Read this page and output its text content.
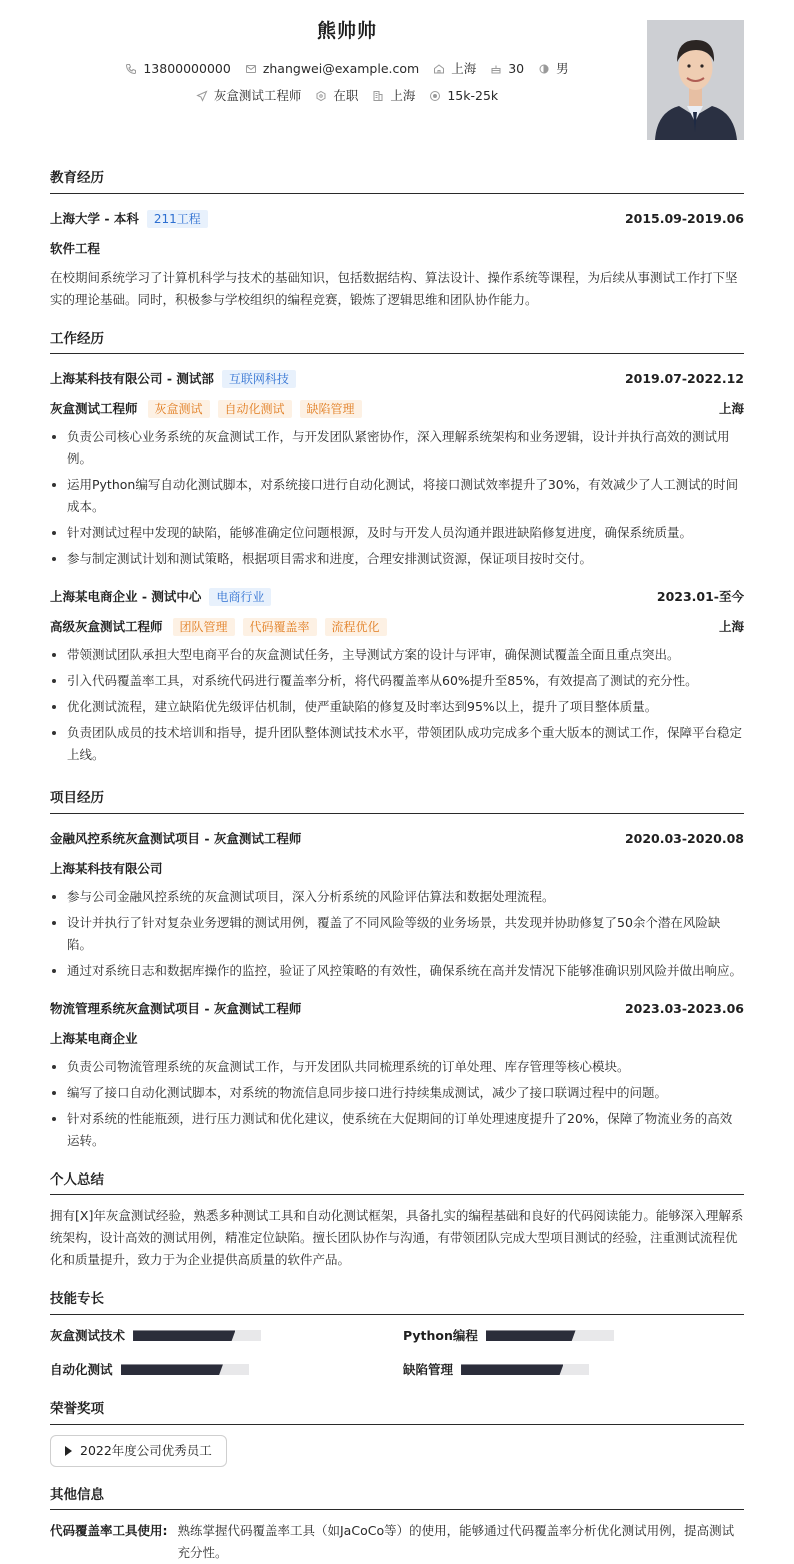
熊帅帅
13800000000	zhangwei@example.com	上海	30	男
灰盒测试工程师	在职	上海	15k-25k
教育经历
上海大学 - 本科	211工程	2015.09-2019.06
软件工程
在校期间系统学习了计算机科学与技术的基础知识，包括数据结构、算法设计、操作系统等课程，为后续从事测试工作打下坚实的理论基础。同时，积极参与学校组织的编程竞赛，锻炼了逻辑思维和团队协作能力。
工作经历
上海某科技有限公司 - 测试部	互联网科技	2019.07-2022.12
灰盒测试工程师	灰盒测试	自动化测试	缺陷管理	上海
负责公司核心业务系统的灰盒测试工作，与开发团队紧密协作，深入理解系统架构和业务逻辑，设计并执行高效的测试用例。
运用Python编写自动化测试脚本，对系统接口进行自动化测试，将接口测试效率提升了30%，有效减少了人工测试的时间成本。
针对测试过程中发现的缺陷，能够准确定位问题根源，及时与开发人员沟通并跟进缺陷修复进度，确保系统质量。
参与制定测试计划和测试策略，根据项目需求和进度，合理安排测试资源，保证项目按时交付。
上海某电商企业 - 测试中心	电商行业	2023.01-至今
高级灰盒测试工程师	团队管理	代码覆盖率	流程优化	上海
带领测试团队承担大型电商平台的灰盒测试任务，主导测试方案的设计与评审，确保测试覆盖全面且重点突出。
引入代码覆盖率工具，对系统代码进行覆盖率分析，将代码覆盖率从60%提升至85%，有效提高了测试的充分性。
优化测试流程，建立缺陷优先级评估机制，使严重缺陷的修复及时率达到95%以上，提升了项目整体质量。
负责团队成员的技术培训和指导，提升团队整体测试技术水平，带领团队成功完成多个重大版本的测试工作，保障平台稳定上线。
项目经历
金融风控系统灰盒测试项目 - 灰盒测试工程师	2020.03-2020.08
上海某科技有限公司
参与公司金融风控系统的灰盒测试项目，深入分析系统的风险评估算法和数据处理流程。
设计并执行了针对复杂业务逻辑的测试用例，覆盖了不同风险等级的业务场景，共发现并协助修复了50余个潜在风险缺陷。
通过对系统日志和数据库操作的监控，验证了风控策略的有效性，确保系统在高并发情况下能够准确识别风险并做出响应。
物流管理系统灰盒测试项目 - 灰盒测试工程师	2023.03-2023.06
上海某电商企业
负责公司物流管理系统的灰盒测试工作，与开发团队共同梳理系统的订单处理、库存管理等核心模块。
编写了接口自动化测试脚本，对系统的物流信息同步接口进行持续集成测试，减少了接口联调过程中的问题。
针对系统的性能瓶颈，进行压力测试和优化建议，使系统在大促期间的订单处理速度提升了20%，保障了物流业务的高效运转。
个人总结
拥有[X]年灰盒测试经验，熟悉多种测试工具和自动化测试框架，具备扎实的编程基础和良好的代码阅读能力。能够深入理解系统架构，设计高效的测试用例，精准定位缺陷。擅长团队协作与沟通，有带领团队完成大型项目测试的经验，注重测试流程优化和质量提升，致力于为企业提供高质量的软件产品。
技能专长
灰盒测试技术	Python编程
自动化测试	缺陷管理
荣誉奖项
2022年度公司优秀员工
其他信息
代码覆盖率工具使用: 熟练掌握代码覆盖率工具（如JaCoCo等）的使用，能够通过代码覆盖率分析优化测试用例，提高测试充分性。
